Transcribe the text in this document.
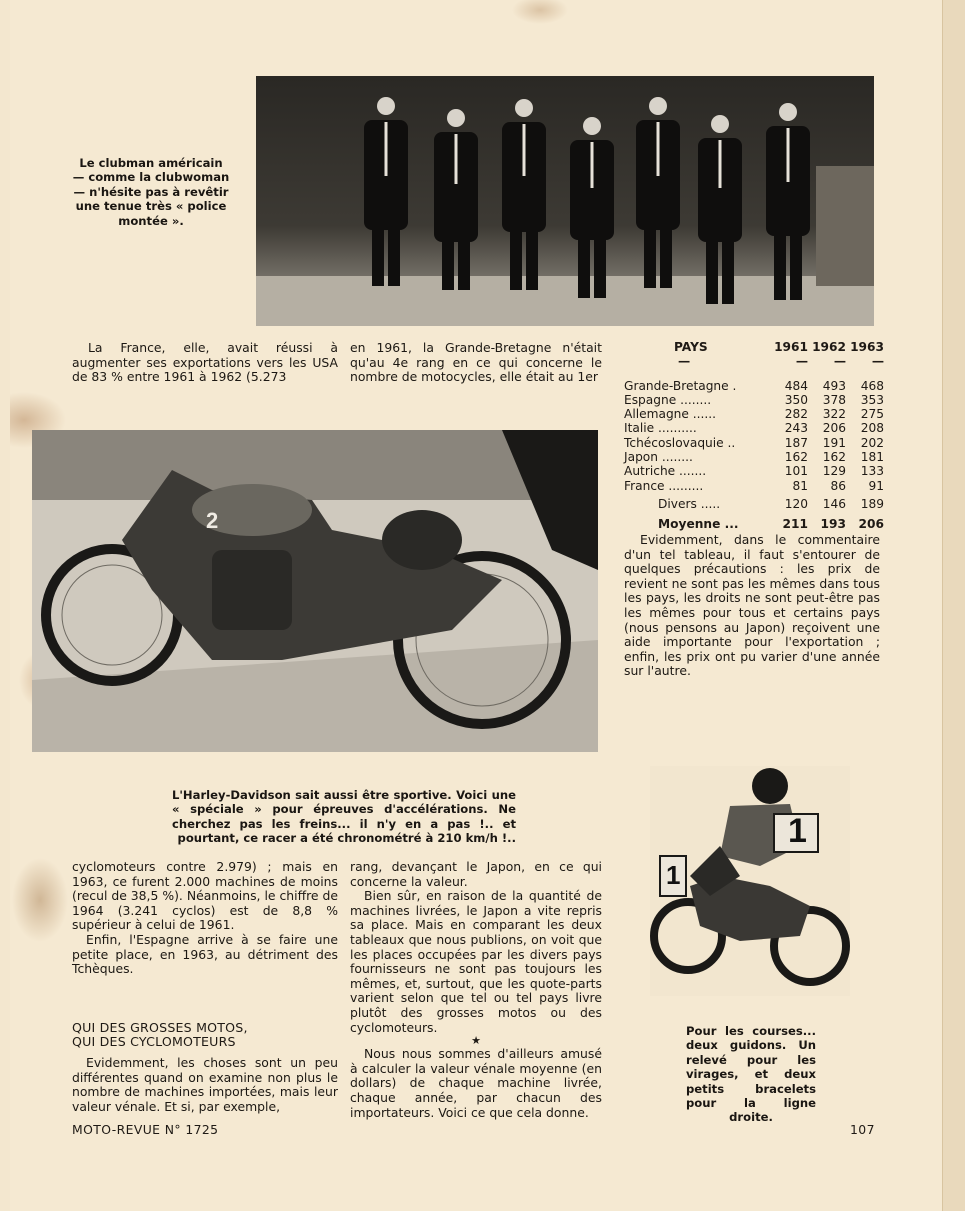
Le clubman américain — comme la clubwoman — n'hésite pas à revêtir une tenue très « police montée ».
La France, elle, avait réussi à augmenter ses exportations vers les USA de 83 % entre 1961 à 1962 (5.273
en 1961, la Grande-Bretagne n'était qu'au 4e rang en ce qui concerne le nombre de motocycles, elle était au 1er
2
PAYS	1961	1962	1963
—	—	—	—

Grande-Bretagne .	484	493	468
Espagne ........	350	378	353
Allemagne ......	282	322	275
Italie ..........	243	206	208
Tchécoslovaquie ..	187	191	202
Japon ........	162	162	181
Autriche .......	101	129	133
France .........	81	86	91

Divers .....	120	146	189

Moyenne ...	211	193	206
Evidemment, dans le commentaire d'un tel tableau, il faut s'entourer de quelques précautions : les prix de revient ne sont pas les mêmes dans tous les pays, les droits ne sont peut-être pas les mêmes pour tous et certains pays (nous pensons au Japon) reçoivent une aide importante pour l'exportation ; enfin, les prix ont pu varier d'une année sur l'autre.
L'Harley-Davidson sait aussi être sportive. Voici une « spéciale » pour épreuves d'accélérations. Ne cherchez pas les freins... il n'y en a pas !.. et pourtant, ce racer a été chronométré à 210 km/h !..	1
1
Pour les courses... deux guidons. Un relevé pour les virages, et deux petits bracelets pour la ligne droite.
cyclomoteurs contre 2.979) ; mais en 1963, ce furent 2.000 machines de moins (recul de 38,5 %). Néanmoins, le chiffre de 1964 (3.241 cyclos) est de 8,8 % supérieur à celui de 1961.
Enfin, l'Espagne arrive à se faire une petite place, en 1963, au détriment des Tchèques.
QUI DES GROSSES MOTOS,
QUI DES CYCLOMOTEURS
Evidemment, les choses sont un peu différentes quand on examine non plus le nombre de machines importées, mais leur valeur vénale. Et si, par exemple,
rang, devançant le Japon, en ce qui concerne la valeur.
Bien sûr, en raison de la quantité de machines livrées, le Japon a vite repris sa place. Mais en comparant les deux tableaux que nous publions, on voit que les places occupées par les divers pays fournisseurs ne sont pas toujours les mêmes, et, surtout, que les quote-parts varient selon que tel ou tel pays livre plutôt des grosses motos ou des cyclomoteurs.
★
Nous nous sommes d'ailleurs amusé à calculer la valeur vénale moyenne (en dollars) de chaque machine livrée, chaque année, par chacun des importateurs. Voici ce que cela donne.
MOTO-REVUE N° 1725	107
